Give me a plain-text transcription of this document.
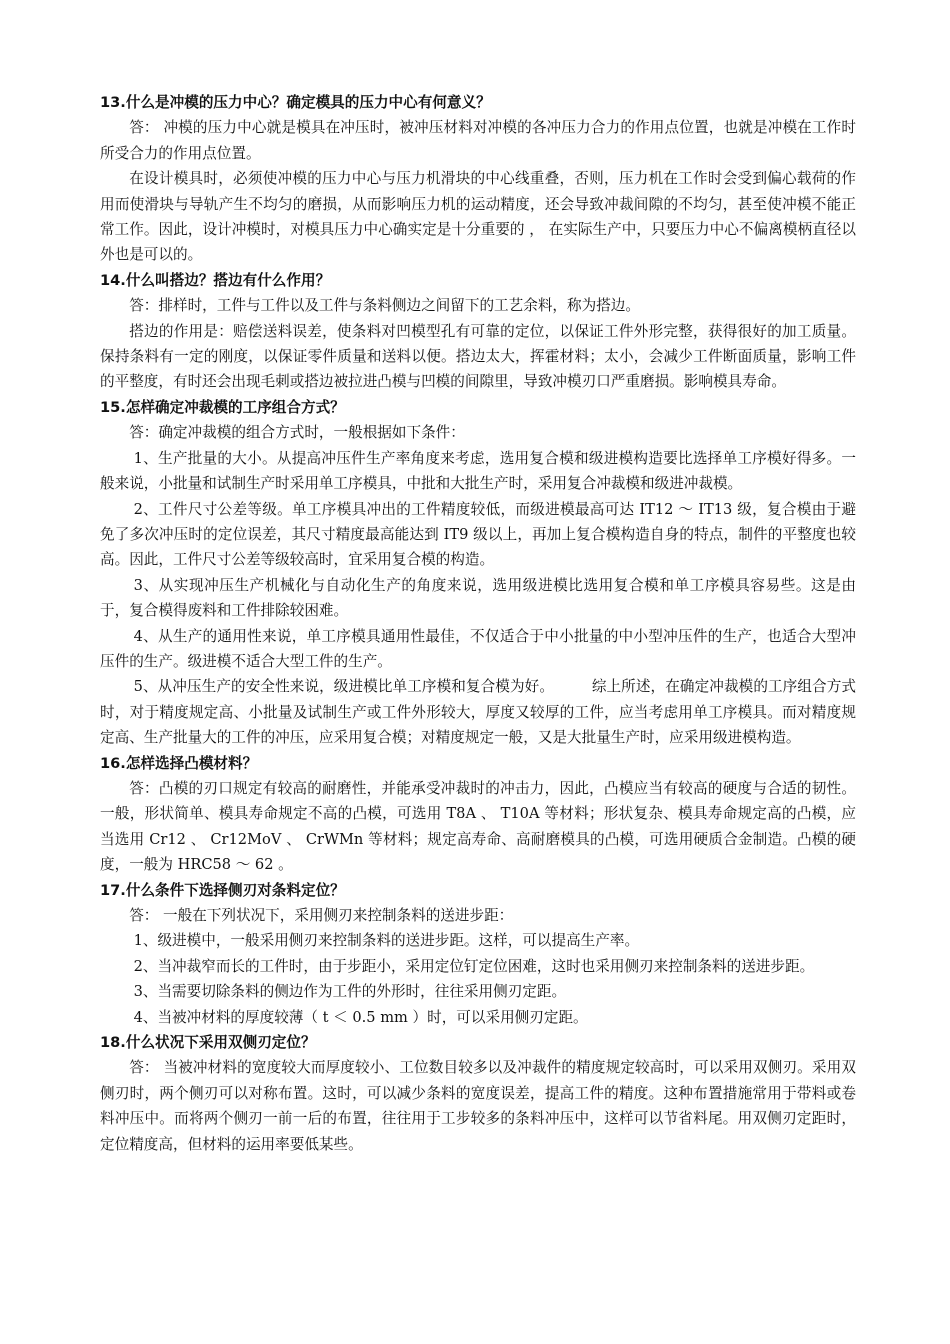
13.什么是冲模的压力中心？确定模具的压力中心有何意义？

答： 冲模的压力中心就是模具在冲压时，被冲压材料对冲模的各冲压力合力的作用点位置，也就是冲模在工作时所受合力的作用点位置。

在设计模具时，必须使冲模的压力中心与压力机滑块的中心线重叠，否则，压力机在工作时会受到偏心载荷的作用而使滑块与导轨产生不均匀的磨损，从而影响压力机的运动精度，还会导致冲裁间隙的不均匀，甚至使冲模不能正常工作。因此，设计冲模时，对模具压力中心确实定是十分重要的 ， 在实际生产中，只要压力中心不偏离模柄直径以外也是可以的。

14.什么叫搭边？搭边有什么作用？

答：排样时，工件与工件以及工件与条料侧边之间留下的工艺余料，称为搭边。

搭边的作用是：赔偿送料误差，使条料对凹模型孔有可靠的定位，以保证工件外形完整，获得很好的加工质量。保持条料有一定的刚度，以保证零件质量和送料以便。搭边太大，挥霍材料；太小，会减少工件断面质量，影响工件的平整度，有时还会出现毛刺或搭边被拉进凸模与凹模的间隙里，导致冲模刃口严重磨损。影响模具寿命。

15.怎样确定冲裁模的工序组合方式？

答：确定冲裁模的组合方式时，一般根据如下条件：

1、生产批量的大小。从提高冲压件生产率角度来考虑，选用复合模和级进模构造要比选择单工序模好得多。一般来说，小批量和试制生产时采用单工序模具，中批和大批生产时，采用复合冲裁模和级进冲裁模。

2、工件尺寸公差等级。单工序模具冲出的工件精度较低，而级进模最高可达 IT12 ～ IT13 级，复合模由于避免了多次冲压时的定位误差，其尺寸精度最高能达到 IT9 级以上，再加上复合模构造自身的特点，制件的平整度也较高。因此，工件尺寸公差等级较高时，宜采用复合模的构造。

3、从实现冲压生产机械化与自动化生产的角度来说，选用级进模比选用复合模和单工序模具容易些。这是由于，复合模得废料和工件排除较困难。

4、从生产的通用性来说，单工序模具通用性最佳，不仅适合于中小批量的中小型冲压件的生产，也适合大型冲压件的生产。级进模不适合大型工件的生产。

5、从冲压生产的安全性来说，级进模比单工序模和复合模为好。        综上所述，在确定冲裁模的工序组合方式时，对于精度规定高、小批量及试制生产或工件外形较大，厚度又较厚的工件，应当考虑用单工序模具。而对精度规定高、生产批量大的工件的冲压，应采用复合模；对精度规定一般，又是大批量生产时，应采用级进模构造。

16.怎样选择凸模材料？

答：凸模的刃口规定有较高的耐磨性，并能承受冲裁时的冲击力，因此，凸模应当有较高的硬度与合适的韧性。一般，形状简单、模具寿命规定不高的凸模，可选用 T8A 、 T10A 等材料；形状复杂、模具寿命规定高的凸模，应当选用 Cr12 、 Cr12MoV 、 CrWMn 等材料；规定高寿命、高耐磨模具的凸模，可选用硬质合金制造。凸模的硬度，一般为 HRC58 ～ 62 。

17.什么条件下选择侧刃对条料定位？

答： 一般在下列状况下，采用侧刃来控制条料的送进步距：

1、级进模中，一般采用侧刃来控制条料的送进步距。这样，可以提高生产率。

2、当冲裁窄而长的工件时，由于步距小，采用定位钉定位困难，这时也采用侧刃来控制条料的送进步距。

3、当需要切除条料的侧边作为工件的外形时，往往采用侧刃定距。

4、当被冲材料的厚度较薄（ t ＜ 0.5 mm ）时，可以采用侧刃定距。

18.什么状况下采用双侧刃定位？

答： 当被冲材料的宽度较大而厚度较小、工位数目较多以及冲裁件的精度规定较高时，可以采用双侧刃。采用双侧刃时，两个侧刃可以对称布置。这时，可以减少条料的宽度误差，提高工件的精度。这种布置措施常用于带料或卷料冲压中。而将两个侧刃一前一后的布置，往往用于工步较多的条料冲压中，这样可以节省料尾。用双侧刃定距时，定位精度高，但材料的运用率要低某些。
